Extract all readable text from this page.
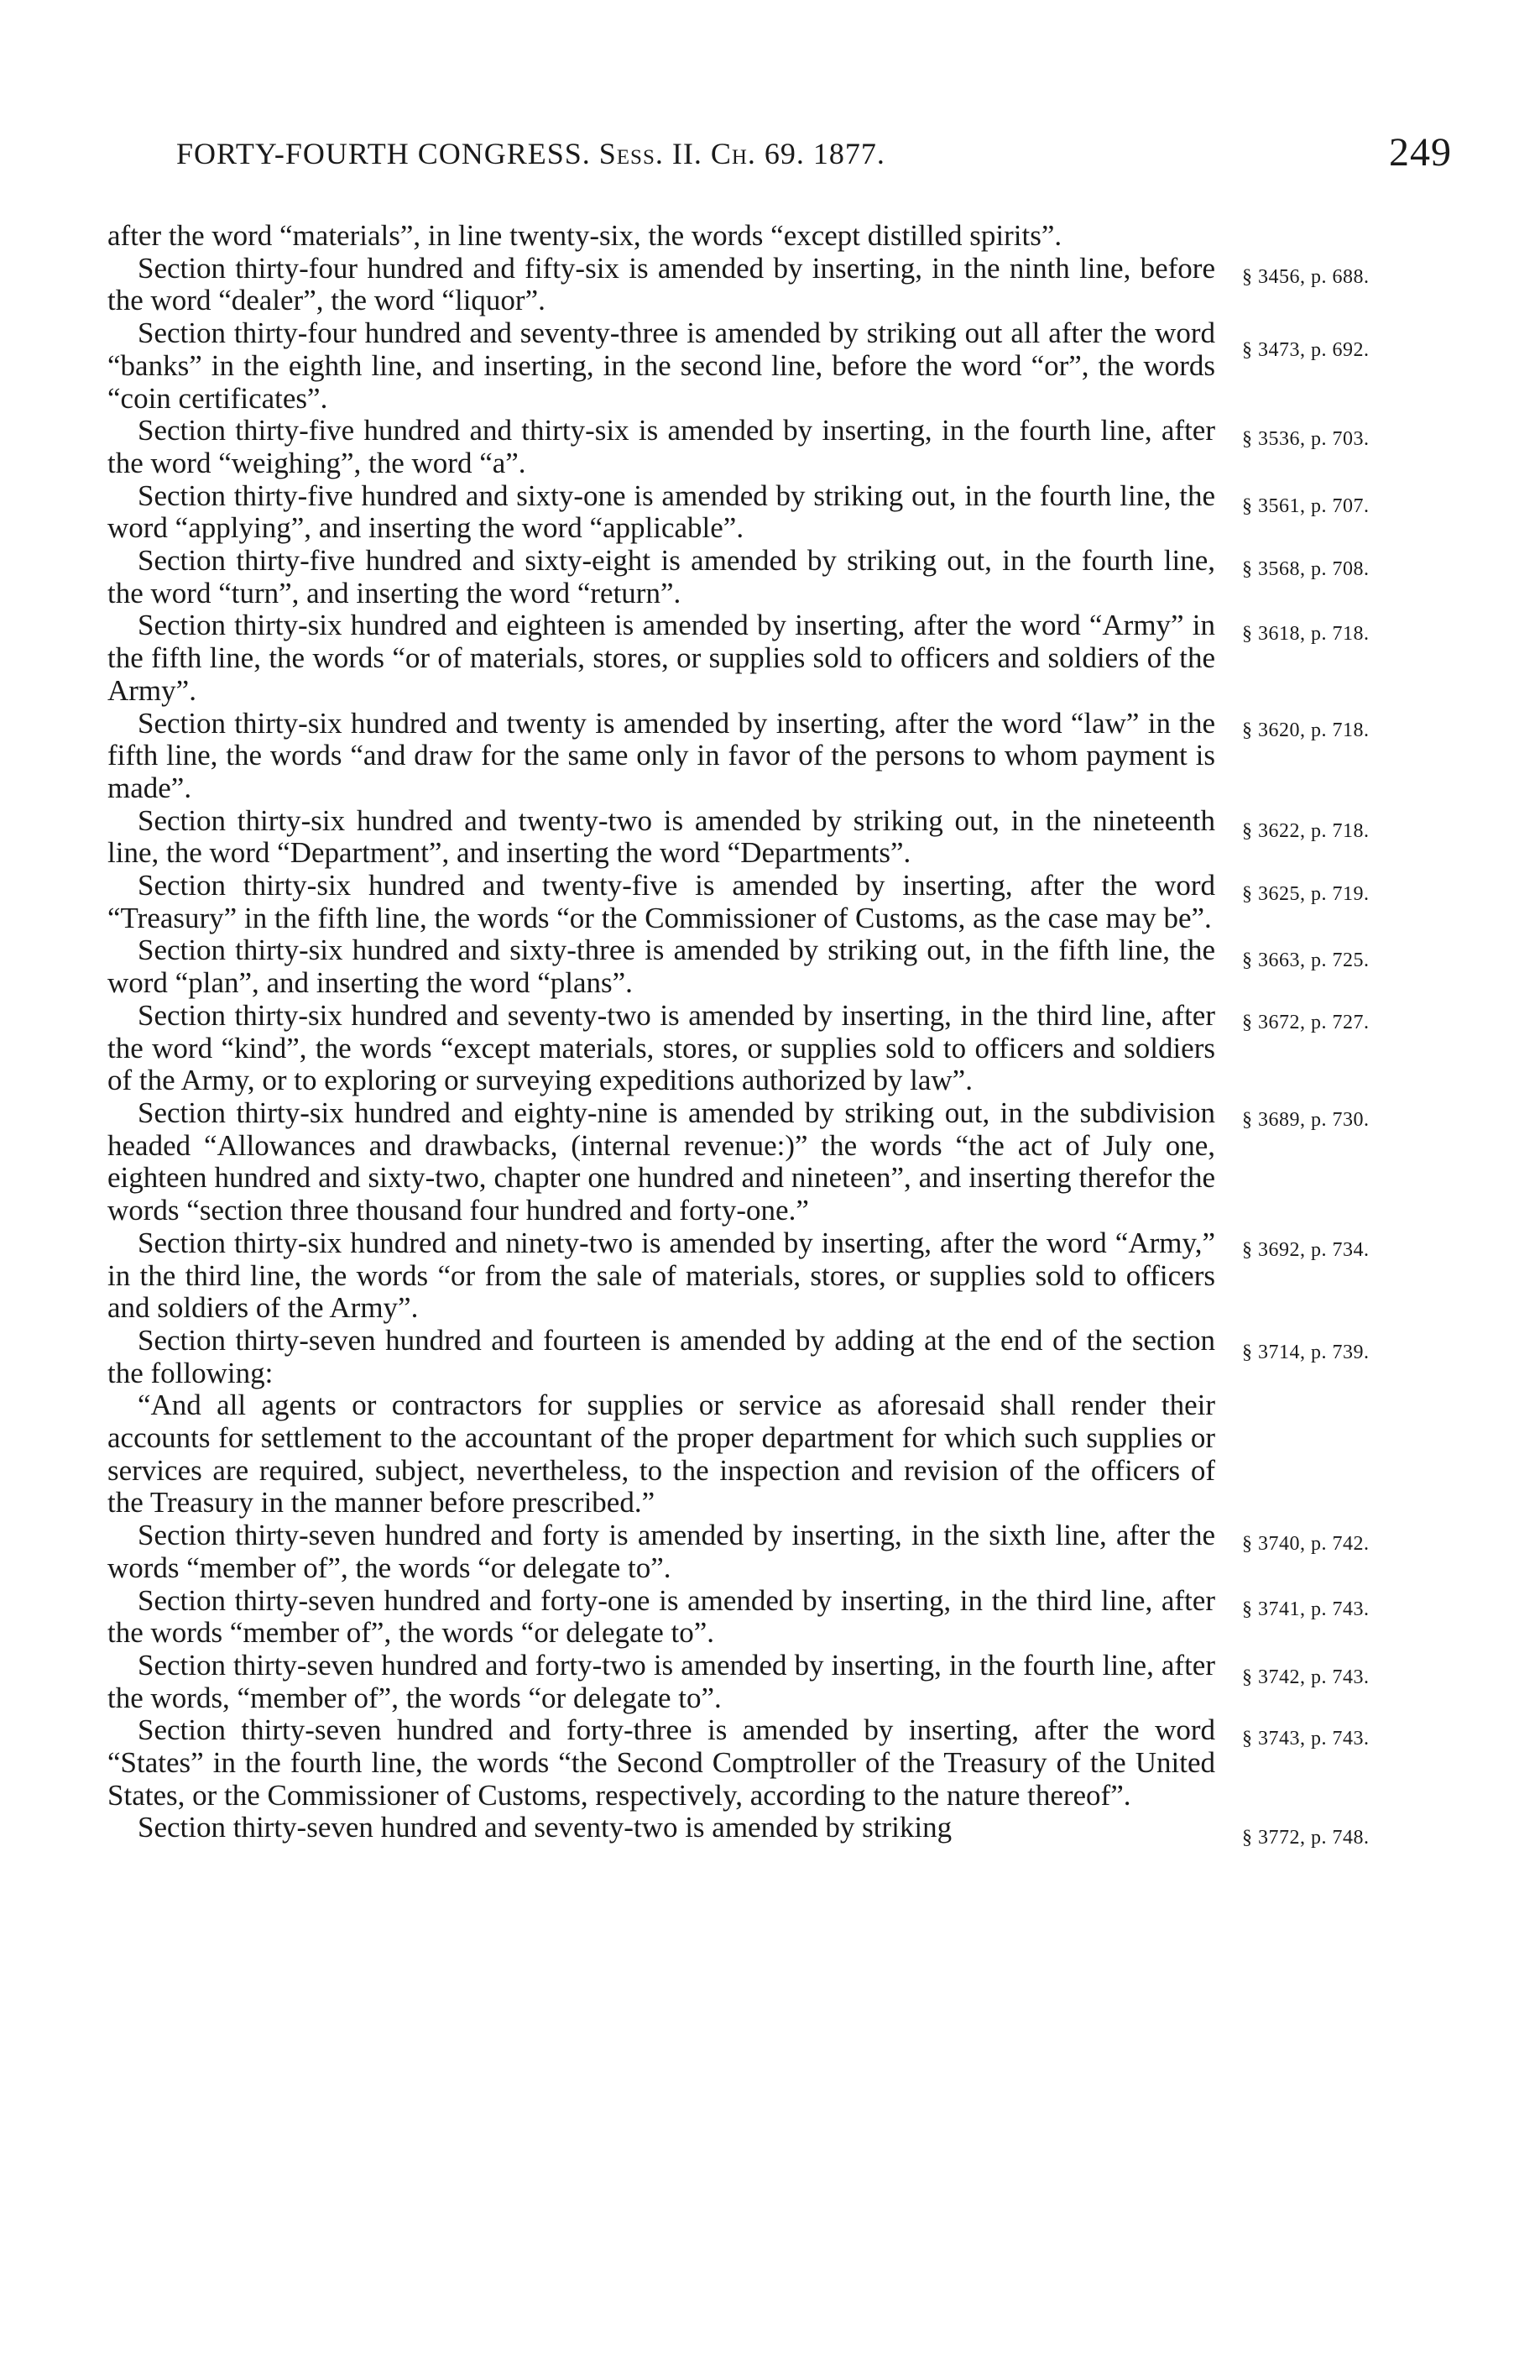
FORTY-FOURTH CONGRESS. Sess. II. Ch. 69. 1877.	249

after the word “materials”, in line twenty-six, the words “except distilled spirits”.

§ 3456, p. 688.
Section thirty-four hundred and fifty-six is amended by inserting, in the ninth line, before the word “dealer”, the word “liquor”.

§ 3473, p. 692.
Section thirty-four hundred and seventy-three is amended by striking out all after the word “banks” in the eighth line, and inserting, in the second line, before the word “or”, the words “coin certificates”.

§ 3536, p. 703.
Section thirty-five hundred and thirty-six is amended by inserting, in the fourth line, after the word “weighing”, the word “a”.

§ 3561, p. 707.
Section thirty-five hundred and sixty-one is amended by striking out, in the fourth line, the word “applying”, and inserting the word “applicable”.

§ 3568, p. 708.
Section thirty-five hundred and sixty-eight is amended by striking out, in the fourth line, the word “turn”, and inserting the word “return”.

§ 3618, p. 718.
Section thirty-six hundred and eighteen is amended by inserting, after the word “Army” in the fifth line, the words “or of materials, stores, or supplies sold to officers and soldiers of the Army”.

§ 3620, p. 718.
Section thirty-six hundred and twenty is amended by inserting, after the word “law” in the fifth line, the words “and draw for the same only in favor of the persons to whom payment is made”.

§ 3622, p. 718.
Section thirty-six hundred and twenty-two is amended by striking out, in the nineteenth line, the word “Department”, and inserting the word “Departments”.

§ 3625, p. 719.
Section thirty-six hundred and twenty-five is amended by inserting, after the word “Treasury” in the fifth line, the words “or the Commissioner of Customs, as the case may be”.

§ 3663, p. 725.
Section thirty-six hundred and sixty-three is amended by striking out, in the fifth line, the word “plan”, and inserting the word “plans”.

§ 3672, p. 727.
Section thirty-six hundred and seventy-two is amended by inserting, in the third line, after the word “kind”, the words “except materials, stores, or supplies sold to officers and soldiers of the Army, or to exploring or surveying expeditions authorized by law”.

§ 3689, p. 730.
Section thirty-six hundred and eighty-nine is amended by striking out, in the subdivision headed “Allowances and drawbacks, (internal revenue:)” the words “the act of July one, eighteen hundred and sixty-two, chapter one hundred and nineteen”, and inserting therefor the words “section three thousand four hundred and forty-one.”

§ 3692, p. 734.
Section thirty-six hundred and ninety-two is amended by inserting, after the word “Army,” in the third line, the words “or from the sale of materials, stores, or supplies sold to officers and soldiers of the Army”.

§ 3714, p. 739.
Section thirty-seven hundred and fourteen is amended by adding at the end of the section the following:

“And all agents or contractors for supplies or service as aforesaid shall render their accounts for settlement to the accountant of the proper department for which such supplies or services are required, subject, nevertheless, to the inspection and revision of the officers of the Treasury in the manner before prescribed.”

§ 3740, p. 742.
Section thirty-seven hundred and forty is amended by inserting, in the sixth line, after the words “member of”, the words “or delegate to”.

§ 3741, p. 743.
Section thirty-seven hundred and forty-one is amended by inserting, in the third line, after the words “member of”, the words “or delegate to”.

§ 3742, p. 743.
Section thirty-seven hundred and forty-two is amended by inserting, in the fourth line, after the words, “member of”, the words “or delegate to”.

§ 3743, p. 743.
Section thirty-seven hundred and forty-three is amended by inserting, after the word “States” in the fourth line, the words “the Second Comptroller of the Treasury of the United States, or the Commissioner of Customs, respectively, according to the nature thereof”.

§ 3772, p. 748.
Section thirty-seven hundred and seventy-two is amended by striking
